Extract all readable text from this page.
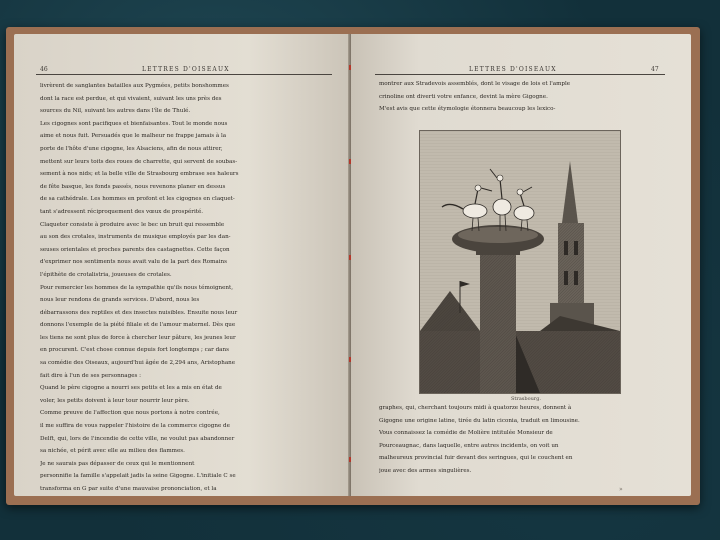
46	LETTRES D'OISEAUX
livrèrent de sanglantes batailles aux Pygmées, petits bonshommes
dont la race est perdue, et qui vivaient, suivant les uns près des
sources du Nil, suivant les autres dans l'île de Thulé.
Les cigognes sont pacifiques et bienfaisantes. Tout le monde nous
aime et nous fuit. Persuadés que le malheur ne frappe jamais à la
porte de l'hôte d'une cigogne, les Alsaciens, afin de nous attirer,
mettent sur leurs toits des roues de charrette, qui servent de soubas-
sement à nos nids; et la belle ville de Strasbourg embrase ses haleurs
de fête basque, les fonds passés, nous revenons planer en dessus
de sa cathédrale. Les hommes en profont et les cigognes en claquet-
tant s'adressent réciproquement des vœux de prospérité.
Claqueter consiste à produire avec le bec un bruit qui ressemble
au son des crotales, instruments de musique employés par les dan-
seuses orientales et proches parents des castagnettes. Cette façon
d'exprimer nos sentiments nous avait valu de la part des Romains
l'épithète de crotalistria, joueuses de crotales.
Pour remercier les hommes de la sympathie qu'ils nous témoignent,
nous leur rendons de grands services. D'abord, nous les
débarrassons des reptiles et des insectes nuisibles. Ensuite nous leur
donnons l'exemple de la piété filiale et de l'amour maternel. Dès que
les tiens ne sont plus de force à chercher leur pâture, les jeunes leur
en procurent. C'est chose connue depuis fort longtemps ; car dans
sa comédie des Oiseaux, aujourd'hui âgée de 2,294 ans, Aristophane
fait dire à l'un de ses personnages :
Quand le père cigogne a nourri ses petits et les a mis en état de
voler, les petits doivent à leur tour nourrir leur père.
Comme preuve de l'affection que nous portons à notre contrée,
il me suffira de vous rappeler l'histoire de la commerce cigogne de
Delft, qui, lors de l'incendie de cette ville, ne voulut pas abandonner
sa nichée, et périt avec elle au milieu des flammes.
Je ne saurais pas dépasser de ceux qui le mentionnent
personnifie la famille s'appelait jadis la seine Gigogne. L'initiale C se
transforma en G par suite d'une mauvaise prononciation, et la
LETTRES D'OISEAUX	47
montrer aux Stradevois assemblés, dont le visage de lois et l'ample
crinoline ont diverti votre enfance, devint la mère Gigogne.
M'est avis que cette étymologie étonnera beaucoup les lexico-
Strasbourg.
graphes, qui, cherchant toujours midi à quatorze heures, donnent à
Gigogne une origine latine, tirée du latin ciconia, traduit en limousine.
Vous connaissez la comédie de Molière intitulée Monsieur de
Pourceaugnac, dans laquelle, entre autres incidents, on voit un
malheureux provincial fuir devant des seringues, qui le couchent en
joue avec des armes singulières.
»
